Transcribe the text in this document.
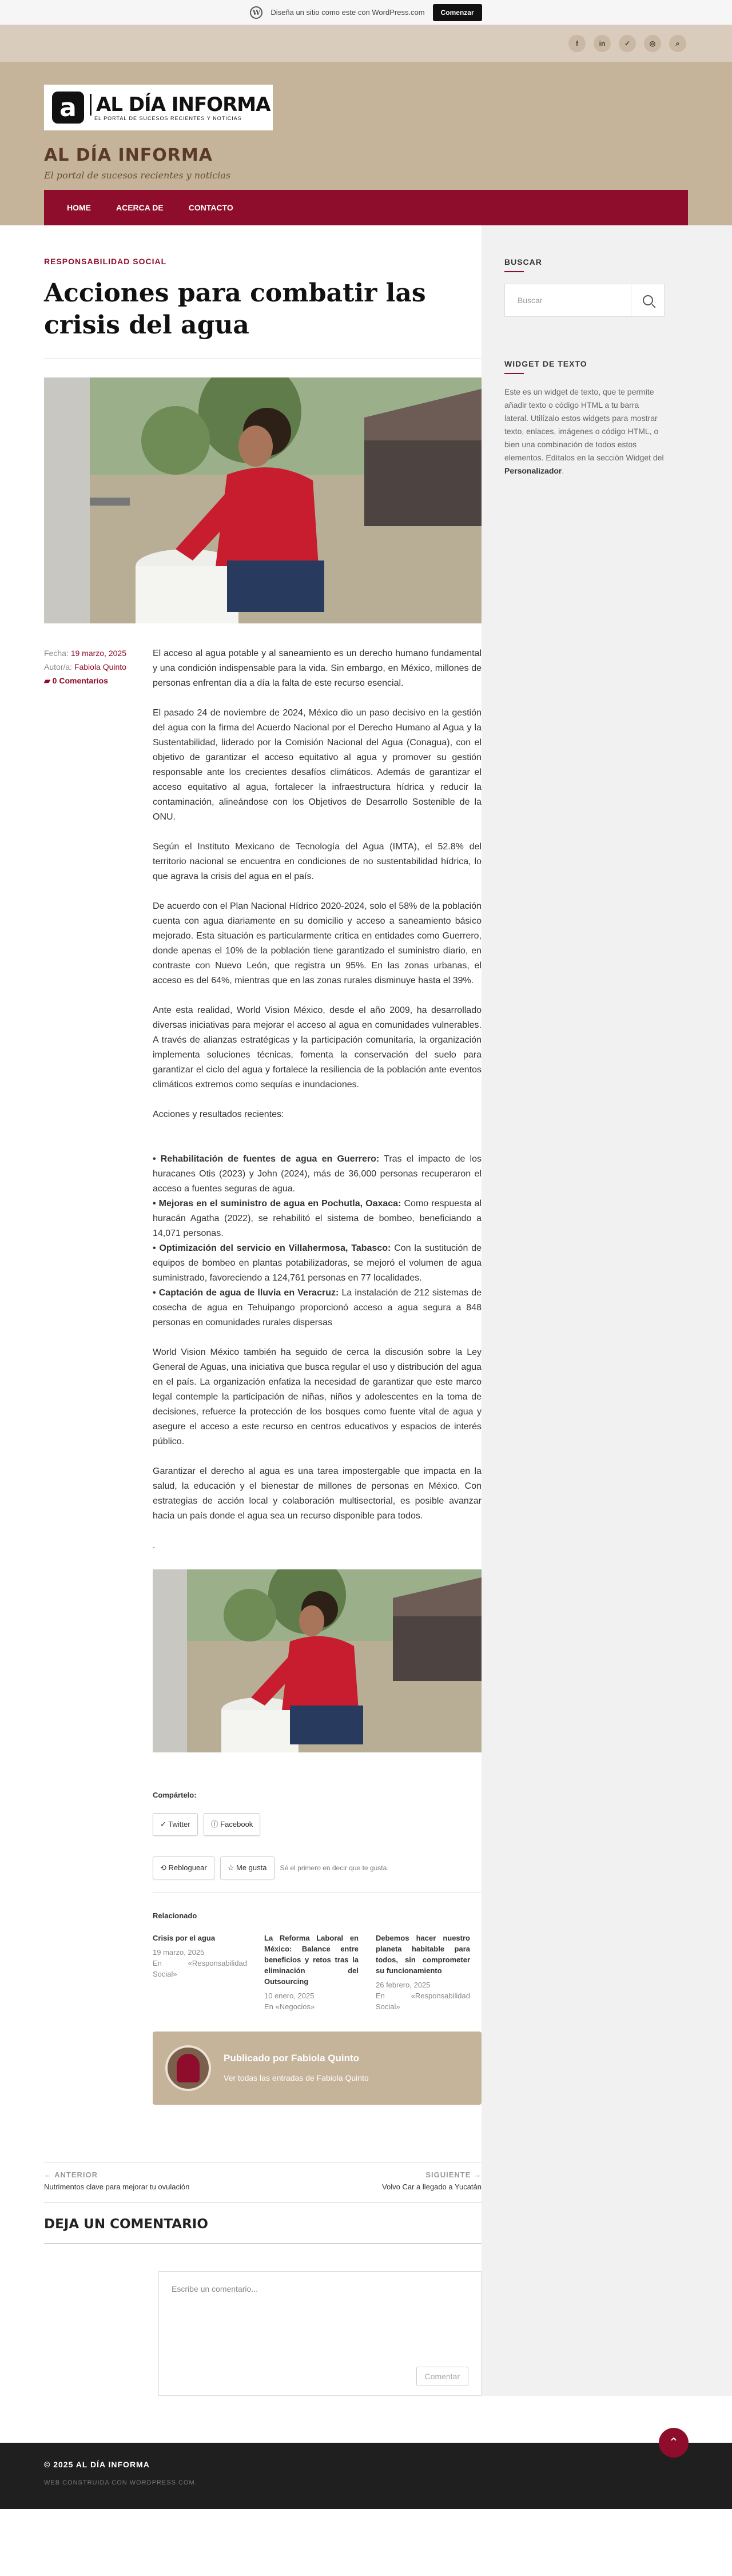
W	Diseña un sitio como este con WordPress.com	Comenzar
f	in	✓	◎	⌕
a	AL DÍA INFORMA
EL PORTAL DE SUCESOS RECIENTES Y NOTICIAS
AL DÍA INFORMA
El portal de sucesos recientes y noticias
HOME	ACERCA DE	CONTACTO
RESPONSABILIDAD SOCIAL
Acciones para combatir las crisis del agua
Fecha: 19 marzo, 2025
Autor/a: Fabiola Quinto
▰ 0 Comentarios

El acceso al agua potable y al saneamiento es un derecho humano fundamental y una condición indispensable para la vida. Sin embargo, en México, millones de personas enfrentan día a día la falta de este recurso esencial.

El pasado 24 de noviembre de 2024, México dio un paso decisivo en la gestión del agua con la firma del Acuerdo Nacional por el Derecho Humano al Agua y la Sustentabilidad, liderado por la Comisión Nacional del Agua (Conagua), con el objetivo de garantizar el acceso equitativo al agua y promover su gestión responsable ante los crecientes desafíos climáticos. Además de garantizar el acceso equitativo al agua, fortalecer la infraestructura hídrica y reducir la contaminación, alineándose con los Objetivos de Desarrollo Sostenible de la ONU.

Según el Instituto Mexicano de Tecnología del Agua (IMTA), el 52.8% del territorio nacional se encuentra en condiciones de no sustentabilidad hídrica, lo que agrava la crisis del agua en el país.

De acuerdo con el Plan Nacional Hídrico 2020-2024, solo el 58% de la población cuenta con agua diariamente en su domicilio y acceso a saneamiento básico mejorado. Esta situación es particularmente crítica en entidades como Guerrero, donde apenas el 10% de la población tiene garantizado el suministro diario, en contraste con Nuevo León, que registra un 95%. En las zonas urbanas, el acceso es del 64%, mientras que en las zonas rurales disminuye hasta el 39%.

Ante esta realidad, World Vision México, desde el año 2009, ha desarrollado diversas iniciativas para mejorar el acceso al agua en comunidades vulnerables. A través de alianzas estratégicas y la participación comunitaria, la organización implementa soluciones técnicas, fomenta la conservación del suelo para garantizar el ciclo del agua y fortalece la resiliencia de la población ante eventos climáticos extremos como sequías e inundaciones.

Acciones y resultados recientes:

• Rehabilitación de fuentes de agua en Guerrero: Tras el impacto de los huracanes Otis (2023) y John (2024), más de 36,000 personas recuperaron el acceso a fuentes seguras de agua.

• Mejoras en el suministro de agua en Pochutla, Oaxaca: Como respuesta al huracán Agatha (2022), se rehabilitó el sistema de bombeo, beneficiando a 14,071 personas.

• Optimización del servicio en Villahermosa, Tabasco: Con la sustitución de equipos de bombeo en plantas potabilizadoras, se mejoró el volumen de agua suministrado, favoreciendo a 124,761 personas en 77 localidades.

• Captación de agua de lluvia en Veracruz: La instalación de 212 sistemas de cosecha de agua en Tehuipango proporcionó acceso a agua segura a 848 personas en comunidades rurales dispersas

World Vision México también ha seguido de cerca la discusión sobre la Ley General de Aguas, una iniciativa que busca regular el uso y distribución del agua en el país. La organización enfatiza la necesidad de garantizar que este marco legal contemple la participación de niñas, niños y adolescentes en la toma de decisiones, refuerce la protección de los bosques como fuente vital de agua y asegure el acceso a este recurso en centros educativos y espacios de interés público.

Garantizar el derecho al agua es una tarea impostergable que impacta en la salud, la educación y el bienestar de millones de personas en México. Con estrategias de acción local y colaboración multisectorial, es posible avanzar hacia un país donde el agua sea un recurso disponible para todos.

.

Compártelo:
✓ Twitter	ⓕ Facebook
⟲ Rebloguear	☆ Me gusta	Sé el primero en decir que te gusta.
Relacionado
Crisis por el agua
19 marzo, 2025
En «Responsabilidad Social»
La Reforma Laboral en México: Balance entre beneficios y retos tras la eliminación del Outsourcing
10 enero, 2025
En «Negocios»
Debemos hacer nuestro planeta habitable para todos, sin comprometer su funcionamiento
26 febrero, 2025
En «Responsabilidad Social»
Publicado por Fabiola Quinto
Ver todas las entradas de Fabiola Quinto
← ANTERIOR
Nutrimentos clave para mejorar tu ovulación
SIGUIENTE →
Volvo Car a llegado a Yucatán
DEJA UN COMENTARIO
Escribe un comentario...
Comentar
BUSCAR
Buscar
WIDGET DE TEXTO
Este es un widget de texto, que te permite añadir texto o código HTML a tu barra lateral. Utilízalo estos widgets para mostrar texto, enlaces, imágenes o código HTML, o bien una combinación de todos estos elementos. Edítalos en la sección Widget del Personalizador.
© 2025 AL DÍA INFORMA
WEB CONSTRUIDA CON WORDPRESS.COM.
⌃
